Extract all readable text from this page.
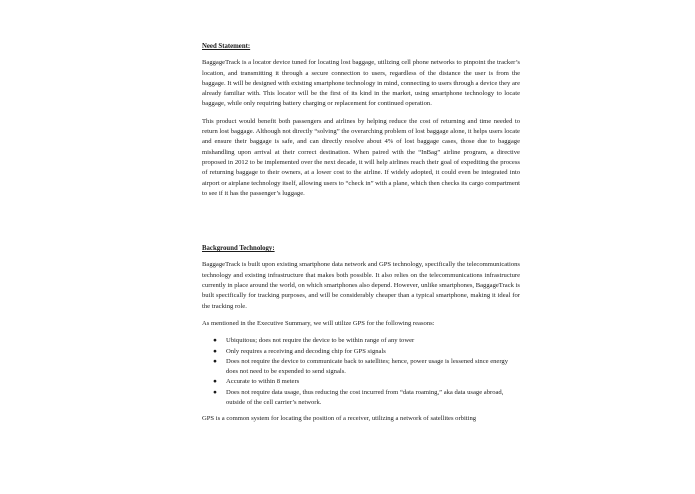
Need Statement:

BaggageTrack is a locator device tuned for locating lost baggage, utilizing cell phone networks to pinpoint the tracker’s location, and transmitting it through a secure connection to users, regardless of the distance the user is from the baggage. It will be designed with existing smartphone technology in mind, connecting to users through a device they are already familiar with. This locator will be the first of its kind in the market, using smartphone technology to locate baggage, while only requiring battery charging or replacement for continued operation.

This product would benefit both passengers and airlines by helping reduce the cost of returning and time needed to return lost baggage. Although not directly “solving” the overarching problem of lost baggage alone, it helps users locate and ensure their baggage is safe, and can directly resolve about 4% of lost baggage cases, those due to baggage mishandling upon arrival at their correct destination. When paired with the “InBag” airline program, a directive proposed in 2012 to be implemented over the next decade, it will help airlines reach their goal of expediting the process of returning baggage to their owners, at a lower cost to the airline. If widely adopted, it could even be integrated into airport or airplane technology itself, allowing users to “check in” with a plane, which then checks its cargo compartment to see if it has the passenger’s luggage.

Background Technology:

BaggageTrack is built upon existing smartphone data network and GPS technology, specifically the telecommunications technology and existing infrastructure that makes both possible. It also relies on the telecommunications infrastructure currently in place around the world, on which smartphones also depend. However, unlike smartphones, BaggageTrack is built specifically for tracking purposes, and will be considerably cheaper than a typical smartphone, making it ideal for the tracking role.

As mentioned in the Executive Summary, we will utilize GPS for the following reasons:

● Ubiquitous; does not require the device to be within range of any tower
● Only requires a receiving and decoding chip for GPS signals
● Does not require the device to communicate back to satellites; hence, power usage is lessened since energy does not need to be expended to send signals.
● Accurate to within 8 meters
● Does not require data usage, thus reducing the cost incurred from “data roaming,” aka data usage abroad, outside of the cell carrier’s network.

GPS is a common system for locating the position of a receiver, utilizing a network of satellites orbiting
